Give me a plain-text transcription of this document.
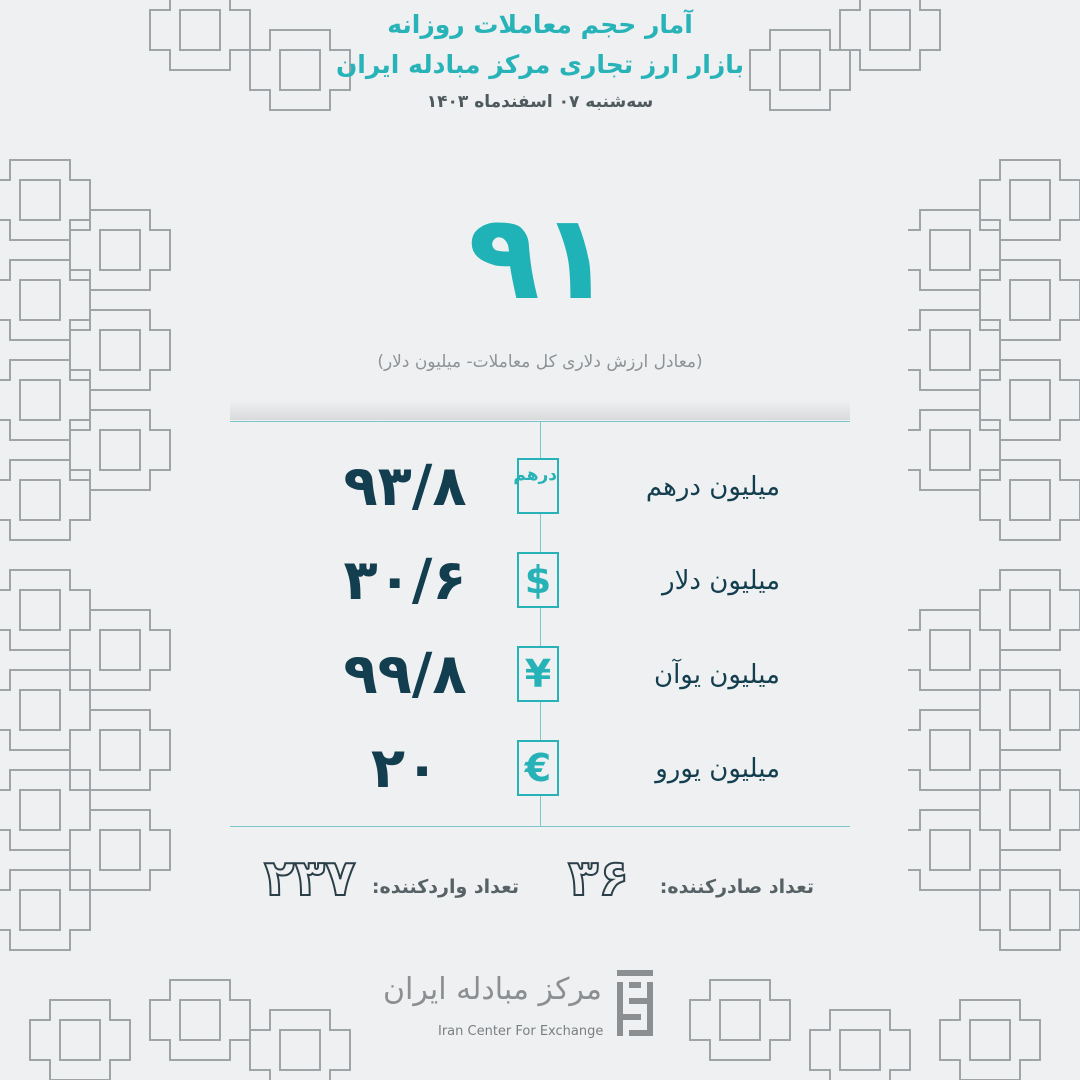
آمار حجم معاملات روزانه
بازار ارز تجاری مرکز مبادله ایران
سه‌شنبه ۰۷ اسفندماه ۱۴۰۳
۹۱
(معادل ارزش دلاری کل معاملات- میلیون دلار)
۹۳/۸	درهم	میلیون درهم
۳۰/۶	$	میلیون دلار
۹۹/۸	¥	میلیون یوآن
۲۰	€	میلیون یورو
تعداد صادرکننده:
۳۶
تعداد واردکننده:
۲۳۷
مرکز مبادله ایران
Iran Center For Exchange
